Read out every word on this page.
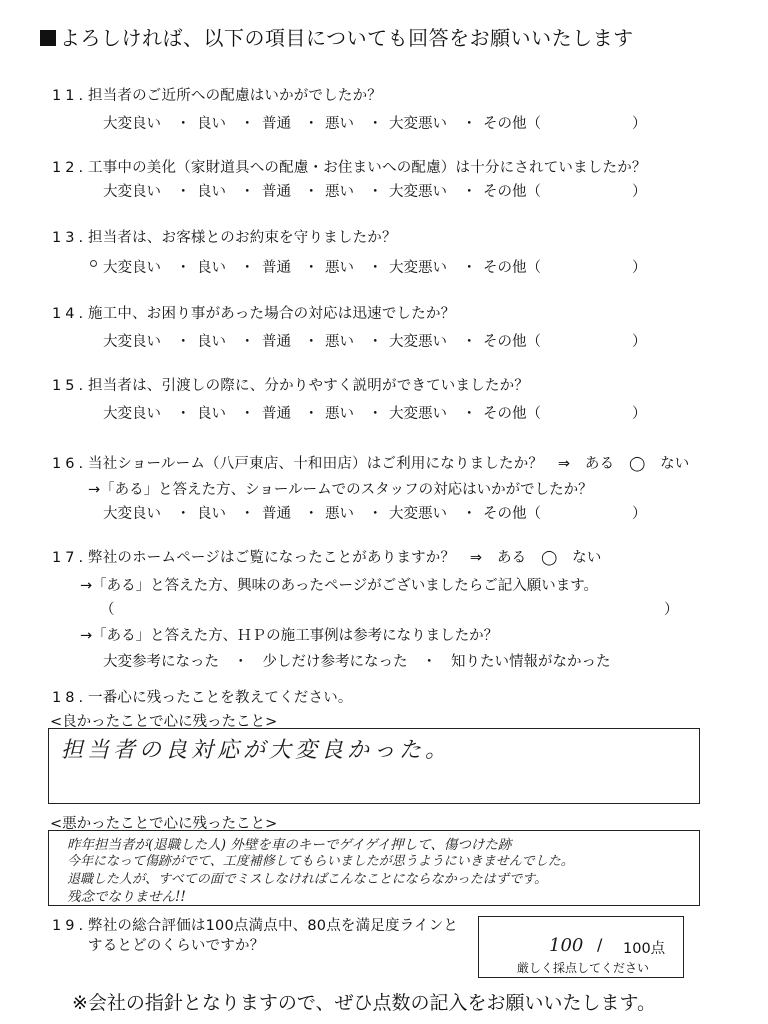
よろしければ、以下の項目についても回答をお願いいたします
11.担当者のご近所への配慮はいかがでしたか？
大変良い ・ 良い ・ 普通 ・ 悪い ・ 大変悪い ・ その他（	）
12.工事中の美化（家財道具への配慮・お住まいへの配慮）は十分にされていましたか？
大変良い ・ 良い ・ 普通 ・ 悪い ・ 大変悪い ・ その他（	）
13.担当者は、お客様とのお約束を守りましたか？
大変良い ・ 良い ・ 普通 ・ 悪い ・ 大変悪い ・ その他（	）
14.施工中、お困り事があった場合の対応は迅速でしたか？
大変良い ・ 良い ・ 普通 ・ 悪い ・ 大変悪い ・ その他（	）
15.担当者は、引渡しの際に、分かりやすく説明ができていましたか？
大変良い ・ 良い ・ 普通 ・ 悪い ・ 大変悪い ・ その他（	）
16.当社ショールーム（八戸東店、十和田店）はご利用になりましたか？　⇒　ある　◯　ない
→「ある」と答えた方、ショールームでのスタッフの対応はいかがでしたか？
大変良い ・ 良い ・ 普通 ・ 悪い ・ 大変悪い ・ その他（	）
17.弊社のホームページはご覧になったことがありますか？　⇒　ある　◯　ない
→「ある」と答えた方、興味のあったページがございましたらご記入願います。
（	）
→「ある」と答えた方、ＨＰの施工事例は参考になりましたか？
大変参考になった　・　少しだけ参考になった　・　知りたい情報がなかった
18.一番心に残ったことを教えてください。
<良かったことで心に残ったこと>
担当者の良対応が大変良かった。
<悪かったことで心に残ったこと>
昨年担当者が(退職した人) 外壁を車のキーでゲイゲイ押して、傷つけた跡
今年になって傷跡がでて、工度補修してもらいましたが思うようにいきませんでした。
退職した人が、すべての面でミスしなければこんなことにならなかったはずです。
残念でなりません!!
19.弊社の総合評価は100点満点中、80点を満足度ラインと
するとどのくらいですか？	100 / 100点
厳しく採点してください
※会社の指針となりますので、ぜひ点数の記入をお願いいたします。
